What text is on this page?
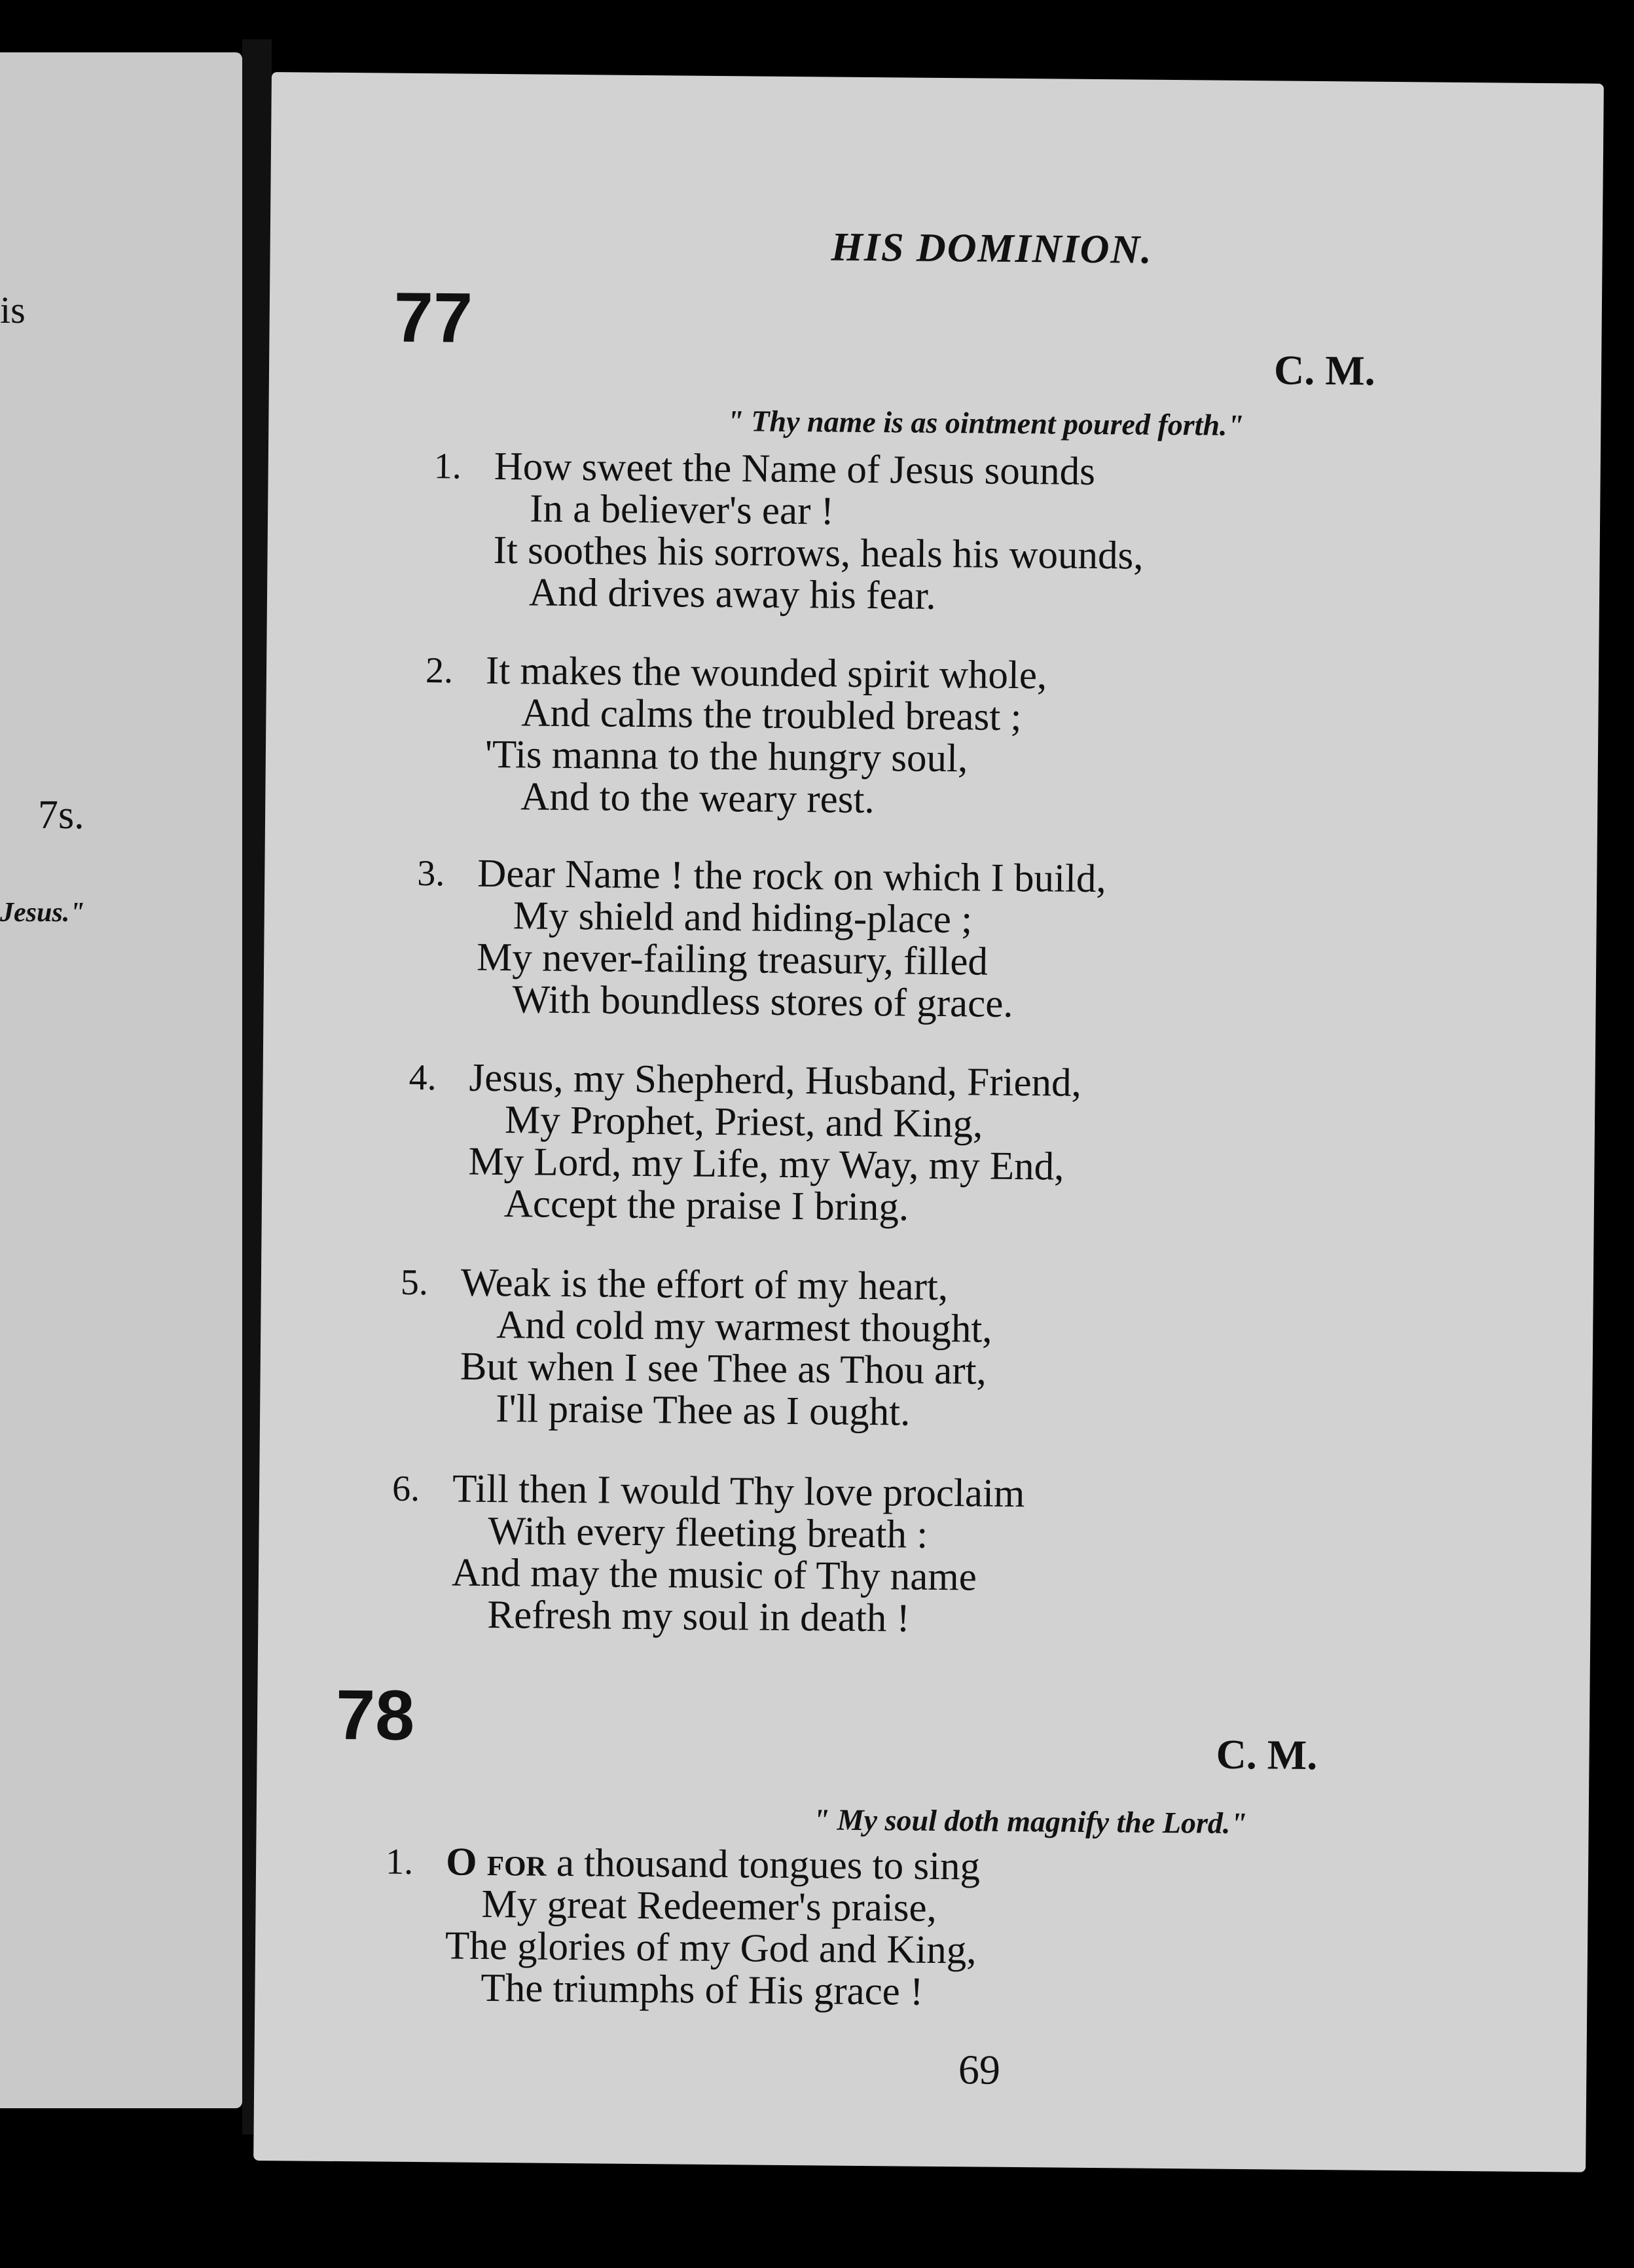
is
7s.
Jesus."
HIS DOMINION.
77
C. M.
" Thy name is as ointment poured forth."
1. How sweet the Name of Jesus sounds
In a believer's ear !
It soothes his sorrows, heals his wounds,
And drives away his fear.
2. It makes the wounded spirit whole,
And calms the troubled breast ;
'Tis manna to the hungry soul,
And to the weary rest.
3. Dear Name ! the rock on which I build,
My shield and hiding-place ;
My never-failing treasury, filled
With boundless stores of grace.
4. Jesus, my Shepherd, Husband, Friend,
My Prophet, Priest, and King,
My Lord, my Life, my Way, my End,
Accept the praise I bring.
5. Weak is the effort of my heart,
And cold my warmest thought,
But when I see Thee as Thou art,
I'll praise Thee as I ought.
6. Till then I would Thy love proclaim
With every fleeting breath :
And may the music of Thy name
Refresh my soul in death !
78	C. M.
" My soul doth magnify the Lord."
1. O for a thousand tongues to sing
My great Redeemer's praise,
The glories of my God and King,
The triumphs of His grace !
69
